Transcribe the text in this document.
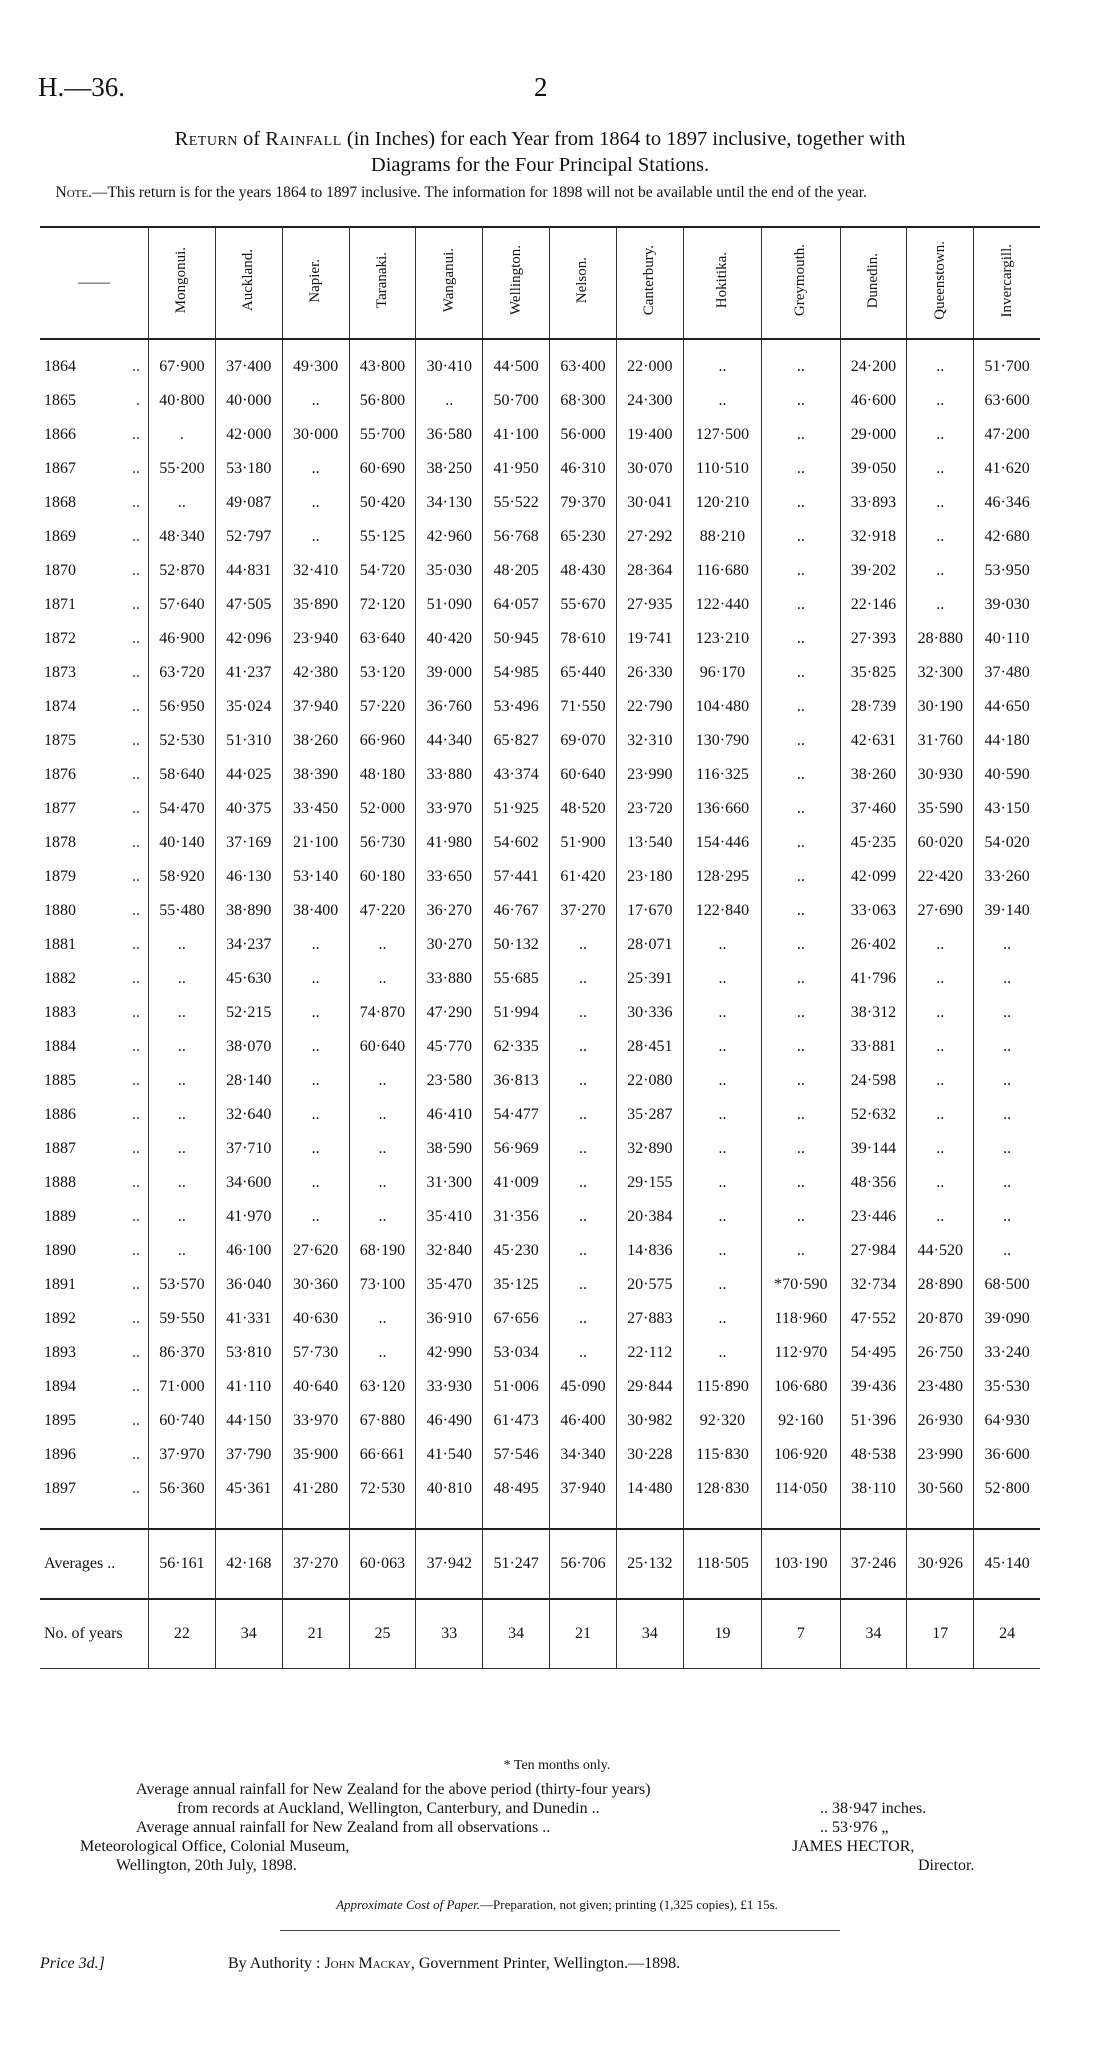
H.—36.	2
Return of Rainfall (in Inches) for each Year from 1864 to 1897 inclusive, together with
Diagrams for the Four Principal Stations.
Note.—This return is for the years 1864 to 1897 inclusive. The information for 1898 will not be available until the end of the year.
——	Mongonui.	Auckland.	Napier.	Taranaki.	Wanganui.	Wellington.	Nelson.	Canterbury.	Hokitika.	Greymouth.	Dunedin.	Queenstown.	Invercargill.
1864 ..	67·900	37·400	49·300	43·800	30·410	44·500	63·400	22·000	..	..	24·200	..	51·700
1865 .	40·800	40·000	..	56·800	..	50·700	68·300	24·300	..	..	46·600	..	63·600
1866 ..	.	42·000	30·000	55·700	36·580	41·100	56·000	19·400	127·500	..	29·000	..	47·200
1867 ..	55·200	53·180	..	60·690	38·250	41·950	46·310	30·070	110·510	..	39·050	..	41·620
1868 ..	..	49·087	..	50·420	34·130	55·522	79·370	30·041	120·210	..	33·893	..	46·346
1869 ..	48·340	52·797	..	55·125	42·960	56·768	65·230	27·292	88·210	..	32·918	..	42·680
1870 ..	52·870	44·831	32·410	54·720	35·030	48·205	48·430	28·364	116·680	..	39·202	..	53·950
1871 ..	57·640	47·505	35·890	72·120	51·090	64·057	55·670	27·935	122·440	..	22·146	..	39·030
1872 ..	46·900	42·096	23·940	63·640	40·420	50·945	78·610	19·741	123·210	..	27·393	28·880	40·110
1873 ..	63·720	41·237	42·380	53·120	39·000	54·985	65·440	26·330	96·170	..	35·825	32·300	37·480
1874 ..	56·950	35·024	37·940	57·220	36·760	53·496	71·550	22·790	104·480	..	28·739	30·190	44·650
1875 ..	52·530	51·310	38·260	66·960	44·340	65·827	69·070	32·310	130·790	..	42·631	31·760	44·180
1876 ..	58·640	44·025	38·390	48·180	33·880	43·374	60·640	23·990	116·325	..	38·260	30·930	40·590
1877 ..	54·470	40·375	33·450	52·000	33·970	51·925	48·520	23·720	136·660	..	37·460	35·590	43·150
1878 ..	40·140	37·169	21·100	56·730	41·980	54·602	51·900	13·540	154·446	..	45·235	60·020	54·020
1879 ..	58·920	46·130	53·140	60·180	33·650	57·441	61·420	23·180	128·295	..	42·099	22·420	33·260
1880 ..	55·480	38·890	38·400	47·220	36·270	46·767	37·270	17·670	122·840	..	33·063	27·690	39·140
1881 ..	..	34·237	..	..	30·270	50·132	..	28·071	..	..	26·402	..	..
1882 ..	..	45·630	..	..	33·880	55·685	..	25·391	..	..	41·796	..	..
1883 ..	..	52·215	..	74·870	47·290	51·994	..	30·336	..	..	38·312	..	..
1884 ..	..	38·070	..	60·640	45·770	62·335	..	28·451	..	..	33·881	..	..
1885 ..	..	28·140	..	..	23·580	36·813	..	22·080	..	..	24·598	..	..
1886 ..	..	32·640	..	..	46·410	54·477	..	35·287	..	..	52·632	..	..
1887 ..	..	37·710	..	..	38·590	56·969	..	32·890	..	..	39·144	..	..
1888 ..	..	34·600	..	..	31·300	41·009	..	29·155	..	..	48·356	..	..
1889 ..	..	41·970	..	..	35·410	31·356	..	20·384	..	..	23·446	..	..
1890 ..	..	46·100	27·620	68·190	32·840	45·230	..	14·836	..	..	27·984	44·520	..
1891 ..	53·570	36·040	30·360	73·100	35·470	35·125	..	20·575	..	*70·590	32·734	28·890	68·500
1892 ..	59·550	41·331	40·630	..	36·910	67·656	..	27·883	..	118·960	47·552	20·870	39·090
1893 ..	86·370	53·810	57·730	..	42·990	53·034	..	22·112	..	112·970	54·495	26·750	33·240
1894 ..	71·000	41·110	40·640	63·120	33·930	51·006	45·090	29·844	115·890	106·680	39·436	23·480	35·530
1895 ..	60·740	44·150	33·970	67·880	46·490	61·473	46·400	30·982	92·320	92·160	51·396	26·930	64·930
1896 ..	37·970	37·790	35·900	66·661	41·540	57·546	34·340	30·228	115·830	106·920	48·538	23·990	36·600
1897 ..	56·360	45·361	41·280	72·530	40·810	48·495	37·940	14·480	128·830	114·050	38·110	30·560	52·800

Averages ..	56·161	42·168	37·270	60·063	37·942	51·247	56·706	25·132	118·505	103·190	37·246	30·926	45·140
No. of years	22	34	21	25	33	34	21	34	19	7	34	17	24
* Ten months only.
Average annual rainfall for New Zealand for the above period (thirty-four years)
from records at Auckland, Wellington, Canterbury, and Dunedin ..	.. 38·947 inches.
Average annual rainfall for New Zealand from all observations ..	.. 53·976 „
Meteorological Office, Colonial Museum,
Wellington, 20th July, 1898.
JAMES HECTOR,
Director.
Approximate Cost of Paper.—Preparation, not given; printing (1,325 copies), £1 15s.
Price 3d.]	By Authority : John Mackay, Government Printer, Wellington.—1898.
